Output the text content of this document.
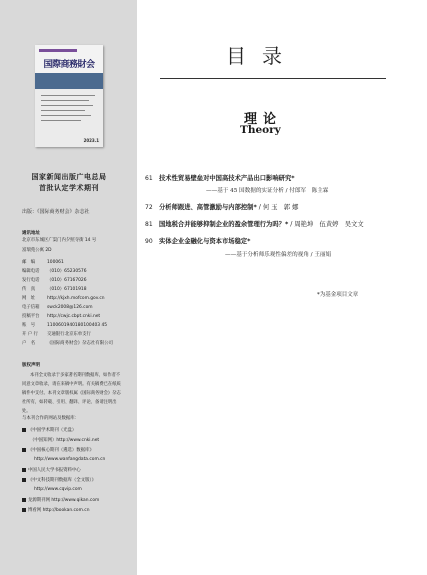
国際商務財会
2023.1
国家新闻出版广电总局
首批认定学术期刊
出版：《国际商务财会》杂志社
通讯地址
北京市东城区广渠门内夕照寺街 14 号
富瑞苑公寓 2D
邮　编	100061
编辑电话 （010）65230576
发行电话 （010）67167026
传　真	（010）67101918
网　址	http://kjxh.mofcom.gov.cn
电子信箱 swck2008@126.com
投稿平台 http://cwjc.cbpt.cnki.net
账　号	1100601940180100403 45
开 户 行 交通银行北京东单支行
户　名	《国际商务财会》杂志社有限公司
版权声明
本刊全文收录于多家著名期刊数据库，如作者不同意文章收录，请在来稿中声明。有关稿费已在纸质稿件中支付。本刊文章版权属《国际商务财会》杂志社所有，如转载、引用、翻译、评论、备请注明出处。
与本刊合作的网站及数据库：
《中国学术期刊（光盘）
（中国知网）http://www.cnki.net
《中国核心期刊（遴选）数据库》
http://www.wanfangdata.com.cn
中国人民大学书报资料中心
《中文科技期刊数据库（全文版）》
http://www.cqvip.com
龙源期刊网 http://www.qikan.com
博看网 http://bookan.com.cn
目录
理论
Theory
61 技术性贸易壁垒对中国高技术产品出口影响研究*
——基于 45 国数据的实证分析 / 付郎军　陈主霖
72 分析师跟进、高管激励与内部控制* / 何 玉　郭 娜
81 国地税合并能够抑制企业的盈余管理行为吗？* / 周艳坤　伍黄婷　吴文文
90 实体企业金融化与资本市场稳定*
——基于分析师乐观性偏差的视角 / 王丽娟
*为基金项目文章
